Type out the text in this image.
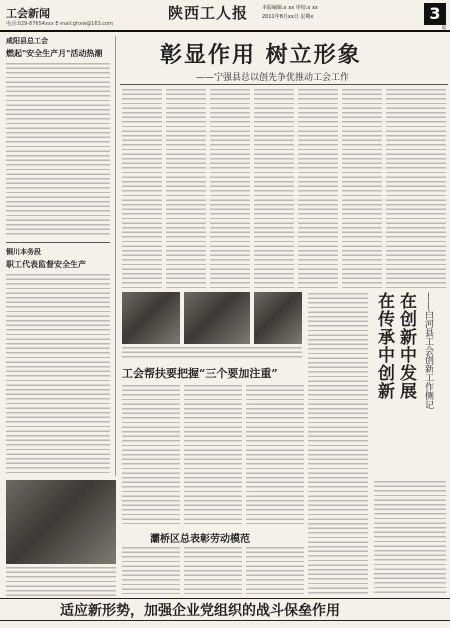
工会新闻
电话:029-87654xxx E-mail:ghxw@163.com
陕西工人报	本版编辑:x xx 审校:x xx
2011年8月xx日 星期x	3
版
咸阳县总工会
燃起"安全生产月"活动热潮
铜川本务段
职工代表监督安全生产
彰显作用 树立形象
——宁强县总以创先争优推动工会工作
工会帮扶要把握“三个要加注重”
灞桥区总表彰劳动模范
在传承中创新 在创新中发展 ——白河县工会创新工作侧记
适应新形势，加强企业党组织的战斗保垒作用
